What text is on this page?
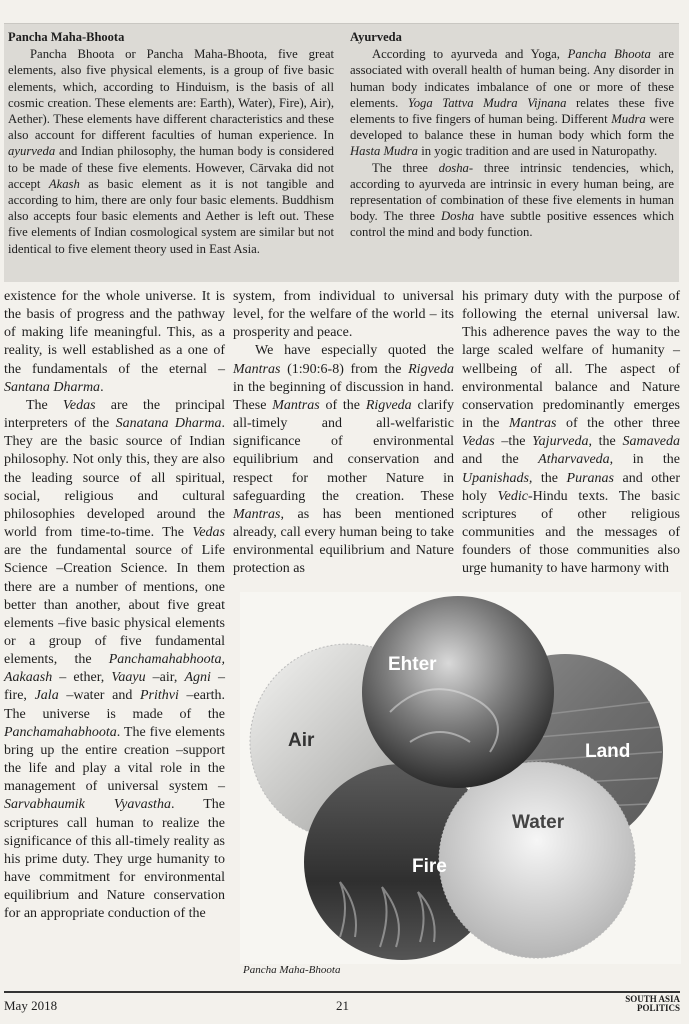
Pancha Maha-Bhoota

Pancha Bhoota or Pancha Maha-Bhoota, five great elements, also five physical elements, is a group of five basic elements, which, according to Hinduism, is the basis of all cosmic creation. These elements are: Earth), Water), Fire), Air), Aether). These elements have different characteristics and these also account for different faculties of human experience. In ayurveda and Indian philosophy, the human body is considered to be made of these five elements. However, Cārvaka did not accept Akash as basic element as it is not tangible and according to him, there are only four basic elements. Buddhism also accepts four basic elements and Aether is left out. These five elements of Indian cosmological system are similar but not identical to five element theory used in East Asia.

Ayurveda

According to ayurveda and Yoga, Pancha Bhoota are associated with overall health of human being. Any disorder in human body indicates imbalance of one or more of these elements. Yoga Tattva Mudra Vijnana relates these five elements to five fingers of human being. Different Mudra were developed to balance these in human body which form the Hasta Mudra in yogic tradition and are used in Naturopathy.

The three dosha- three intrinsic tendencies, which, according to ayurveda are intrinsic in every human being, are representation of combination of these five elements in human body. The three Dosha have subtle positive essences which control the mind and body function.

existence for the whole universe. It is the basis of progress and the pathway of making life meaningful. This, as a reality, is well established as a one of the fundamentals of the eternal –Santana Dharma.

The Vedas are the principal interpreters of the Sanatana Dharma. They are the basic source of Indian philosophy. Not only this, they are also the leading source of all spiritual, social, religious and cultural philosophies developed around the world from time-to-time. The Vedas are the fundamental source of Life Science –Creation Science. In them there are a number of mentions, one better than another, about five great elements –five basic physical elements or a group of five fundamental elements, the Panchamahabhoota, Aakaash – ether, Vaayu –air, Agni –fire, Jala –water and Prithvi –earth. The universe is made of the Panchamahabhoota. The five elements bring up the entire creation –support the life and play a vital role in the management of universal system –Sarvabhaumik Vyavastha. The scriptures call human to realize the significance of this all-timely reality as his prime duty. They urge humanity to have commitment for environmental equilibrium and Nature conservation for an appropriate conduction of the

system, from individual to universal level, for the welfare of the world – its prosperity and peace.

We have especially quoted the Mantras (1:90:6-8) from the Rigveda in the beginning of discussion in hand. These Mantras of the Rigveda clarify all-timely and all-welfaristic significance of environmental equilibrium and conservation and respect for mother Nature in safeguarding the creation. These Mantras, as has been mentioned already, call every human being to take environmental equilibrium and Nature protection as

his primary duty with the purpose of following the eternal universal law. This adherence paves the way to the large scaled welfare of humanity – wellbeing of all. The aspect of environmental balance and Nature conservation predominantly emerges in the Mantras of the other three Vedas –the Yajurveda, the Samaveda and the Atharvaveda, in the Upanishads, the Puranas and other holy Vedic-Hindu texts. The basic scriptures of other religious communities and the messages of founders of those communities also urge humanity to have harmony with

Ehter
Air
Land
Water
Fire
Pancha Maha-Bhoota
May 2018	21	SOUTH ASIA
POLITICS
